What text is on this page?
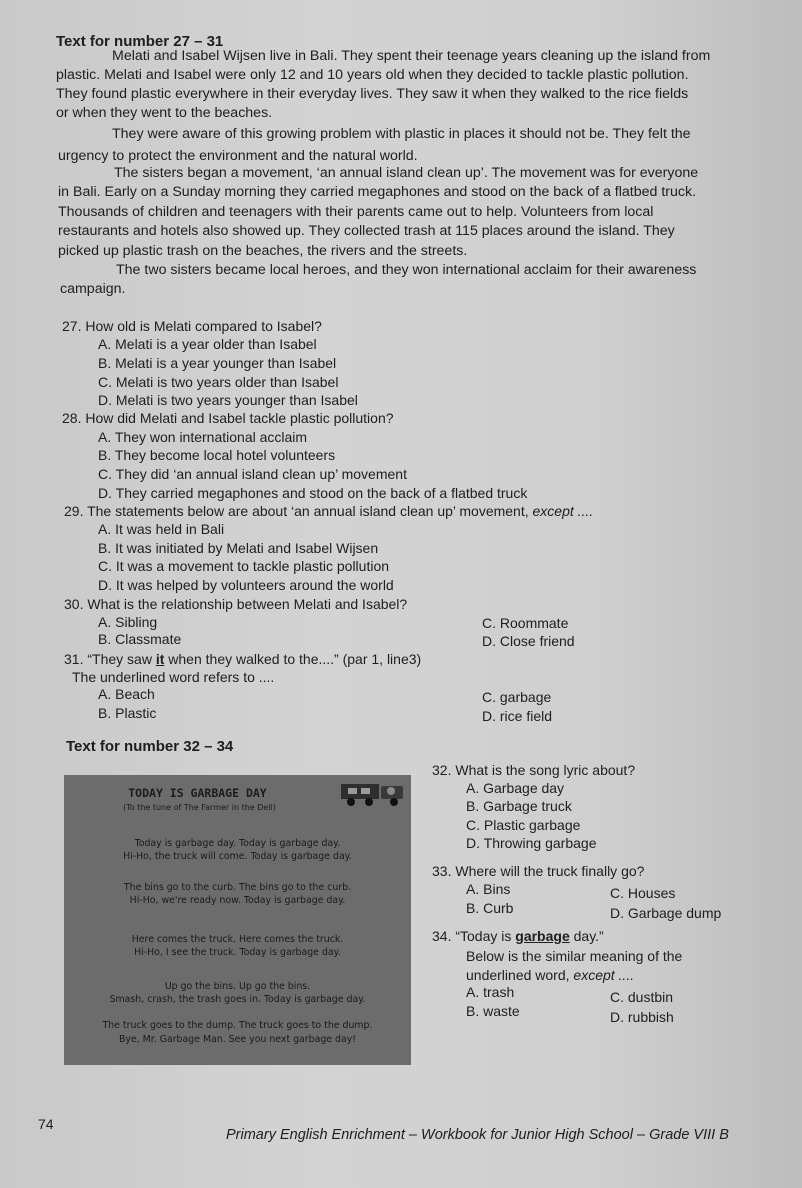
Text for number 27 – 31
Melati and Isabel Wijsen live in Bali. They spent their teenage years cleaning up the island from
plastic. Melati and Isabel were only 12 and 10 years old when they decided to tackle plastic pollution.
They found plastic everywhere in their everyday lives. They saw it when they walked to the rice fields
or when they went to the beaches.
They were aware of this growing problem with plastic in places it should not be. They felt the
urgency to protect the environment and the natural world.
The sisters began a movement, ‘an annual island clean up’. The movement was for everyone
in Bali. Early on a Sunday morning they carried megaphones and stood on the back of a flatbed truck.
Thousands of children and teenagers with their parents came out to help. Volunteers from local
restaurants and hotels also showed up. They collected trash at 115 places around the island. They
picked up plastic trash on the beaches, the rivers and the streets.
The two sisters became local heroes, and they won international acclaim for their awareness
campaign.
27. How old is Melati compared to Isabel?
A. Melati is a year older than Isabel
B. Melati is a year younger than Isabel
C. Melati is two years older than Isabel
D. Melati is two years younger than Isabel
28. How did Melati and Isabel tackle plastic pollution?
A. They won international acclaim
B. They become local hotel volunteers
C. They did ‘an annual island clean up’ movement
D. They carried megaphones and stood on the back of a flatbed truck
29. The statements below are about ‘an annual island clean up’ movement, except ....
A. It was held in Bali
B. It was initiated by Melati and Isabel Wijsen
C. It was a movement to tackle plastic pollution
D. It was helped by volunteers around the world
30. What is the relationship between Melati and Isabel?
A. Sibling
B. Classmate
C. Roommate
D. Close friend
31. “They saw it when they walked to the....” (par 1, line3)
The underlined word refers to ....
A. Beach
B. Plastic
C. garbage
D. rice field
Text for number 32 – 34
TODAY IS GARBAGE DAY
(To the tune of The Farmer in the Dell)
Today is garbage day. Today is garbage day.
Hi-Ho, the truck will come. Today is garbage day.
The bins go to the curb. The bins go to the curb.
Hi-Ho, we're ready now. Today is garbage day.
Here comes the truck. Here comes the truck.
Hi-Ho, I see the truck. Today is garbage day.
Up go the bins. Up go the bins.
Smash, crash, the trash goes in. Today is garbage day.
The truck goes to the dump. The truck goes to the dump.
Bye, Mr. Garbage Man. See you next garbage day!
32. What is the song lyric about?
A. Garbage day
B. Garbage truck
C. Plastic garbage
D. Throwing garbage
33. Where will the truck finally go?
A. Bins
B. Curb
C. Houses
D. Garbage dump
34. “Today is garbage day.”
Below is the similar meaning of the
underlined word, except ....
A. trash
B. waste
C. dustbin
D. rubbish
74
Primary English Enrichment – Workbook for Junior High School – Grade VIII B
